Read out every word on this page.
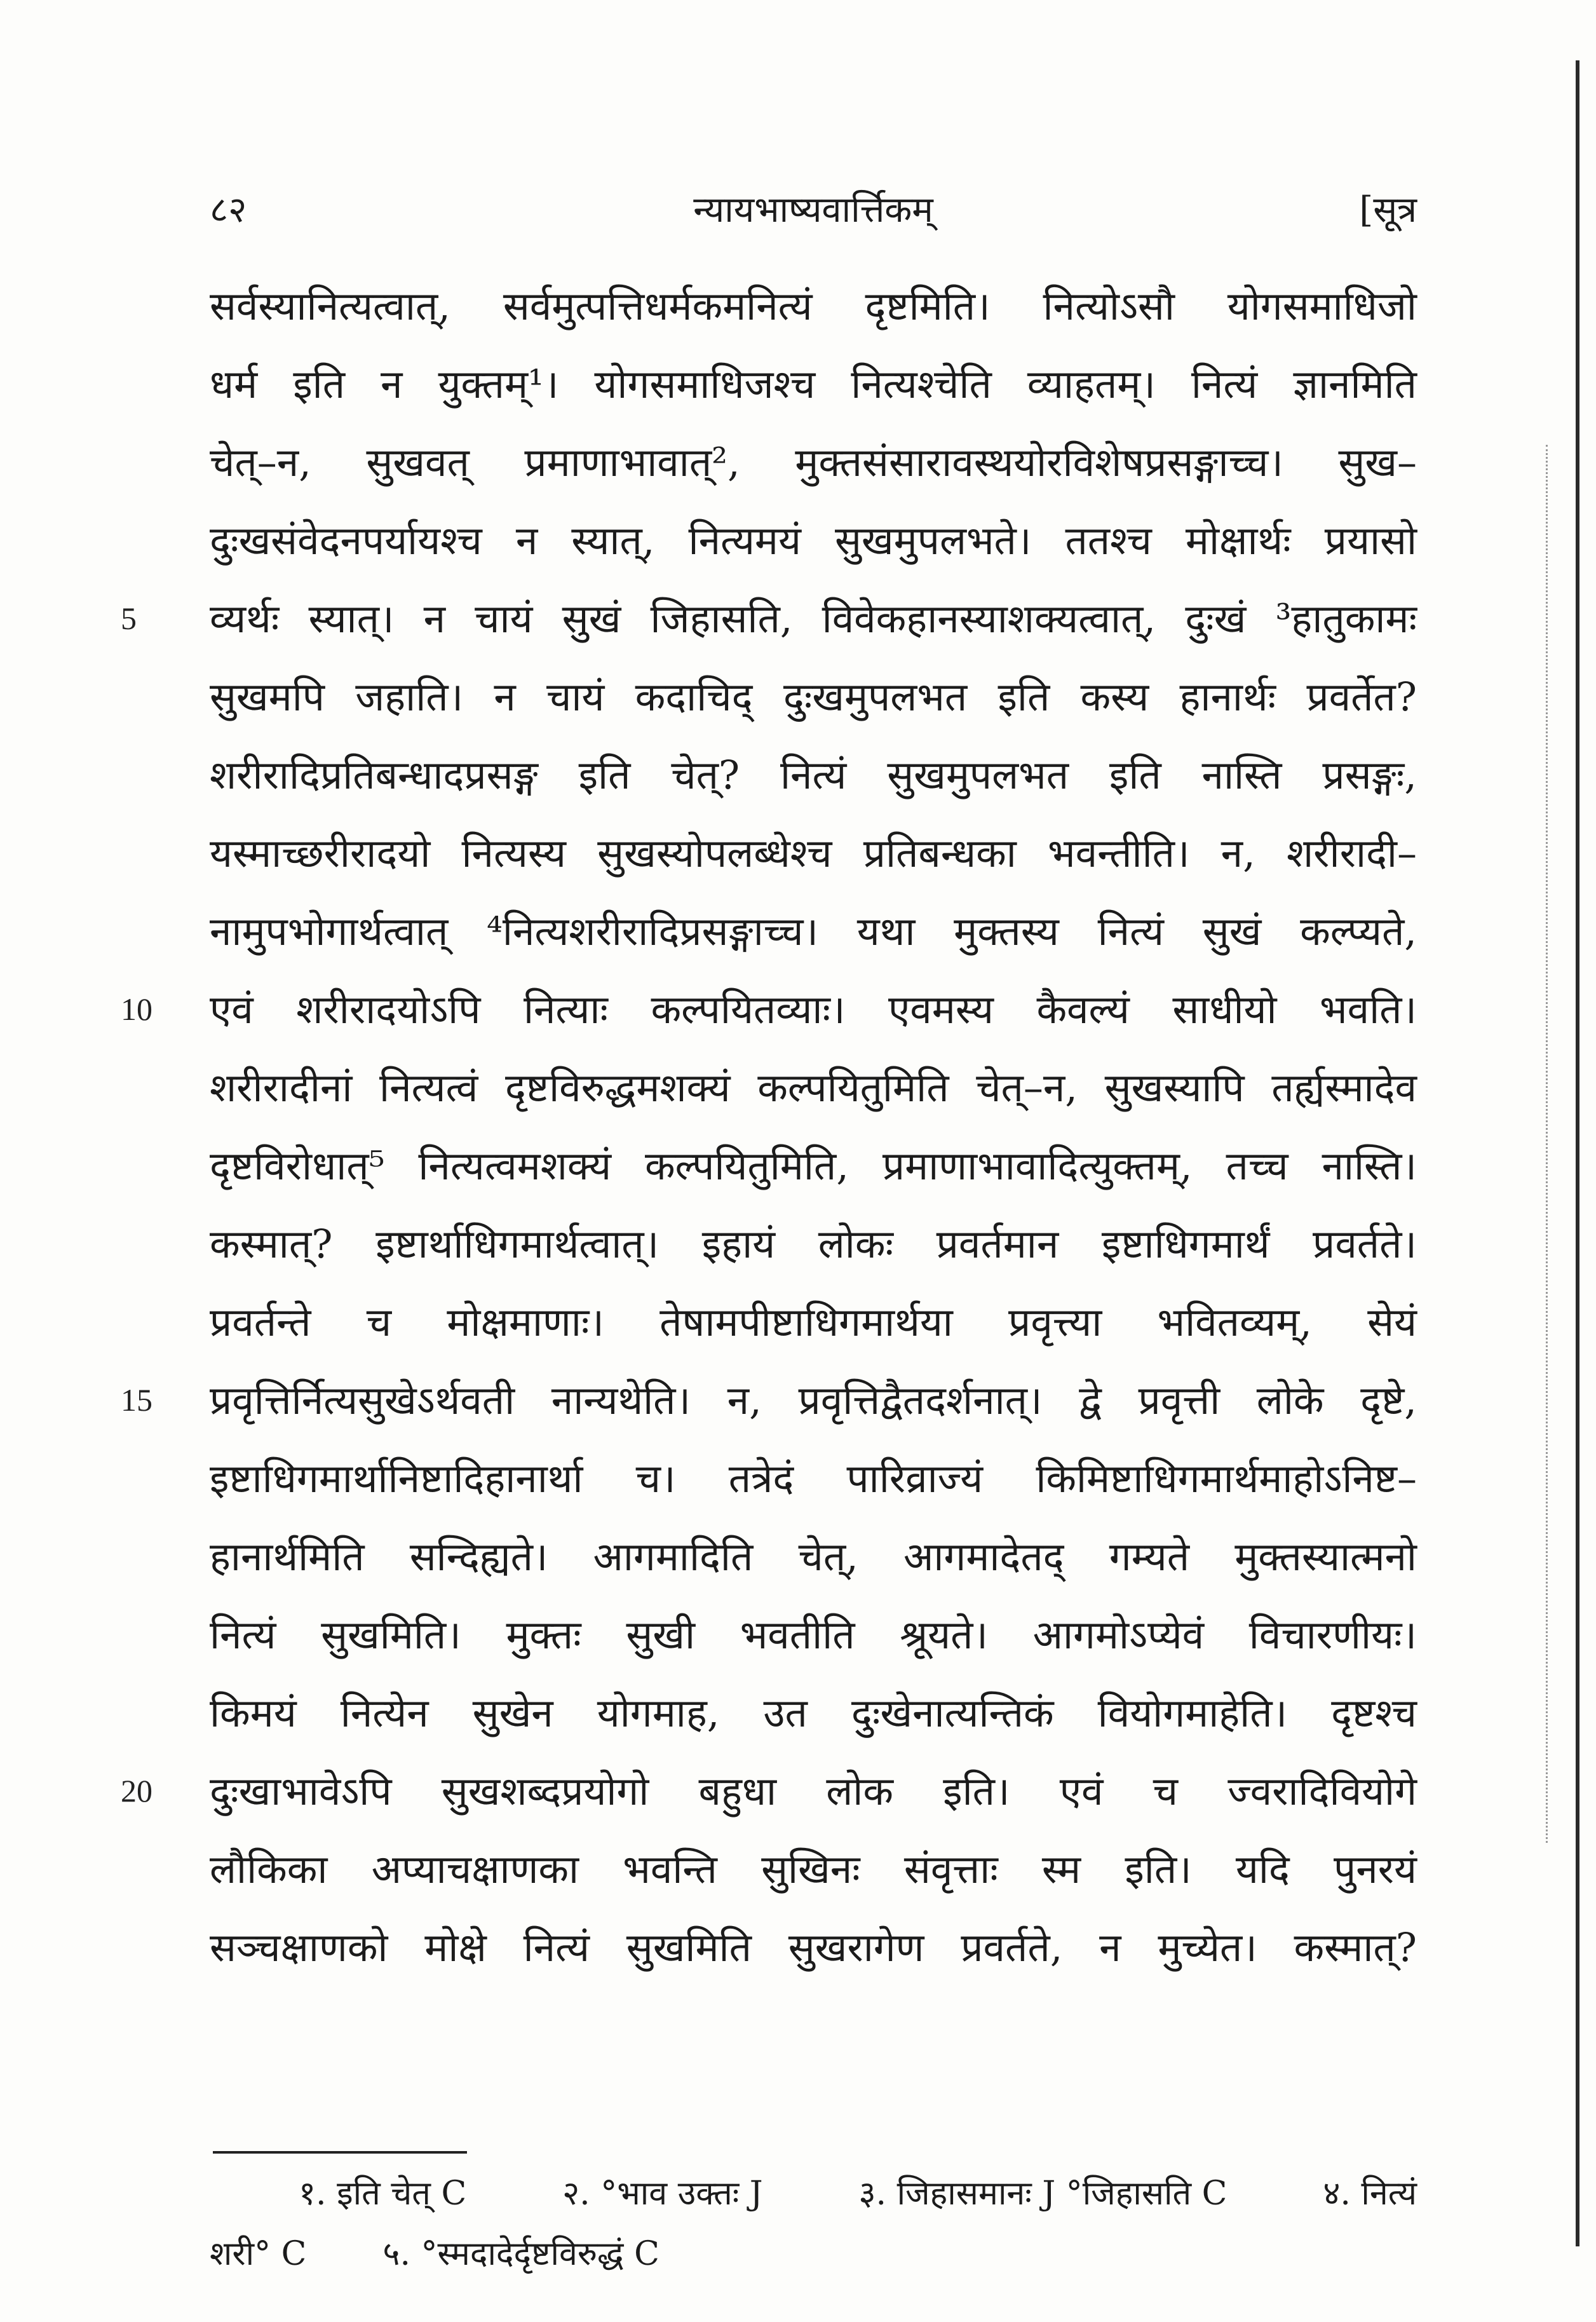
८२	न्यायभाष्यवार्त्तिकम्	[सूत्र
सर्वस्यानित्यत्वात्, सर्वमुत्पत्तिधर्मकमनित्यं दृष्टमिति। नित्योऽसौ योगसमाधिजो
धर्म इति न युक्तम्¹। योगसमाधिजश्च नित्यश्चेति व्याहतम्। नित्यं ज्ञानमिति
चेत्–न, सुखवत् प्रमाणाभावात्², मुक्तसंसारावस्थयोरविशेषप्रसङ्गाच्च। सुख–
दुःखसंवेदनपर्यायश्च न स्यात्, नित्यमयं सुखमुपलभते। ततश्च मोक्षार्थः प्रयासो
5	व्यर्थः स्यात्। न चायं सुखं जिहासति, विवेकहानस्याशक्यत्वात्, दुःखं ³हातुकामः
सुखमपि जहाति। न चायं कदाचिद् दुःखमुपलभत इति कस्य हानार्थः प्रवर्तेत?
शरीरादिप्रतिबन्धादप्रसङ्ग इति चेत्? नित्यं सुखमुपलभत इति नास्ति प्रसङ्गः,
यस्माच्छरीरादयो नित्यस्य सुखस्योपलब्धेश्च प्रतिबन्धका भवन्तीति। न, शरीरादी–
नामुपभोगार्थत्वात् ⁴नित्यशरीरादिप्रसङ्गाच्च। यथा मुक्तस्य नित्यं सुखं कल्प्यते,
10	एवं शरीरादयोऽपि नित्याः कल्पयितव्याः। एवमस्य कैवल्यं साधीयो भवति।
शरीरादीनां नित्यत्वं दृष्टविरुद्धमशक्यं कल्पयितुमिति चेत्–न, सुखस्यापि तर्ह्यस्मादेव
दृष्टविरोधात्⁵ नित्यत्वमशक्यं कल्पयितुमिति, प्रमाणाभावादित्युक्तम्, तच्च नास्ति।
कस्मात्? इष्टार्थाधिगमार्थत्वात्। इहायं लोकः प्रवर्तमान इष्टाधिगमार्थं प्रवर्तते।
प्रवर्तन्ते च मोक्षमाणाः। तेषामपीष्टाधिगमार्थया प्रवृत्त्या भवितव्यम्, सेयं
15	प्रवृत्तिर्नित्यसुखेऽर्थवती नान्यथेति। न, प्रवृत्तिद्वैतदर्शनात्। द्वे प्रवृत्ती लोके दृष्टे,
इष्टाधिगमार्थानिष्टादिहानार्था च। तत्रेदं पारिव्राज्यं किमिष्टाधिगमार्थमाहोऽनिष्ट–
हानार्थमिति सन्दिह्यते। आगमादिति चेत्, आगमादेतद् गम्यते मुक्तस्यात्मनो
नित्यं सुखमिति। मुक्तः सुखी भवतीति श्रूयते। आगमोऽप्येवं विचारणीयः।
किमयं नित्येन सुखेन योगमाह, उत दुःखेनात्यन्तिकं वियोगमाहेति। दृष्टश्च
20	दुःखाभावेऽपि सुखशब्दप्रयोगो बहुधा लोक इति। एवं च ज्वरादिवियोगे
लौकिका अप्याचक्षाणका भवन्ति सुखिनः संवृत्ताः स्म इति। यदि पुनरयं
सञ्चक्षाणको मोक्षे नित्यं सुखमिति सुखरागेण प्रवर्तते, न मुच्येत। कस्मात्?
१. इति चेत् C	२. °भाव उक्तः J	३. जिहासमानः J °जिहासति C	४. नित्यं
शरी° C ५. °स्मदादेर्दृष्टविरुद्धं C
